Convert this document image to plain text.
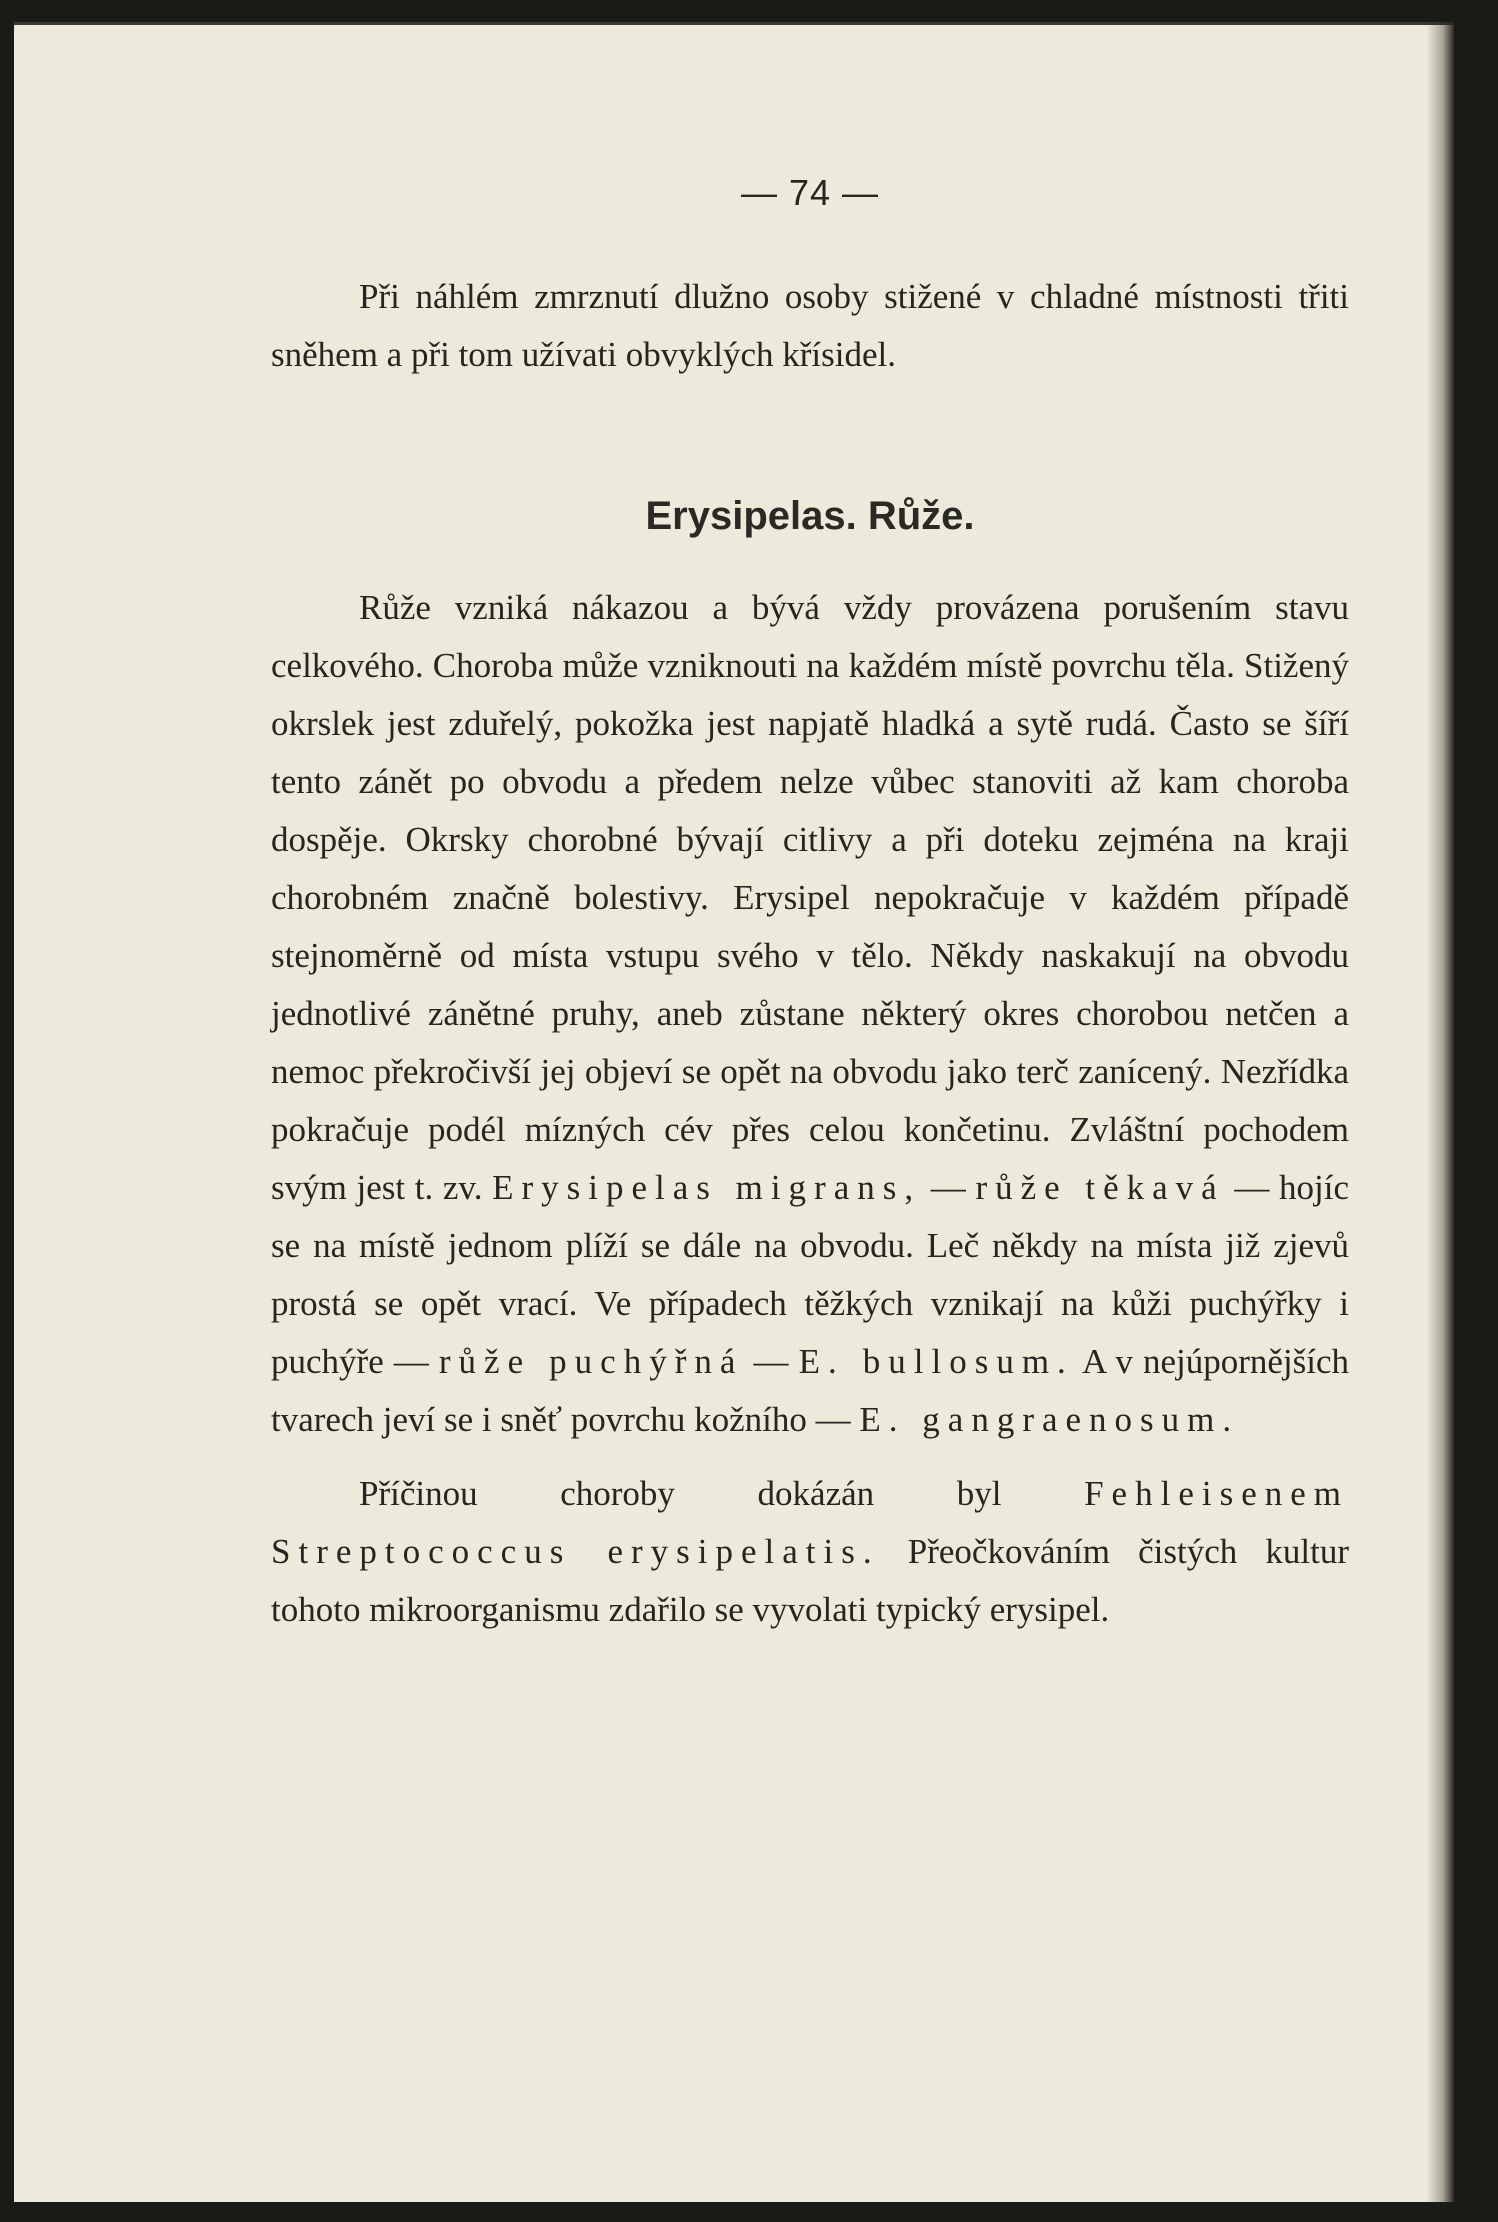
— 74 —

Při náhlém zmrznutí dlužno osoby stižené v chladné místnosti třiti sněhem a při tom užívati obvyklých křísidel.

Erysipelas. Růže.

Růže vzniká nákazou a bývá vždy provázena porušením stavu celkového. Choroba může vzniknouti na každém místě povrchu těla. Stižený okrslek jest zduřelý, pokožka jest napjatě hladká a sytě rudá. Často se šíří tento zánět po obvodu a předem nelze vůbec stanoviti až kam choroba dospěje. Okrsky chorobné bývají citlivy a při doteku zejména na kraji chorobném značně bolestivy. Erysipel nepokračuje v každém případě stejnoměrně od místa vstupu svého v tělo. Někdy naskakují na obvodu jednotlivé zánětné pruhy, aneb zůstane některý okres chorobou netčen a nemoc překročivší jej objeví se opět na obvodu jako terč zanícený. Nezřídka pokračuje podél mízných cév přes celou končetinu. Zvláštní pochodem svým jest t. zv. Erysipelas migrans, — růže těkavá — hojíc se na místě jednom plíží se dále na obvodu. Leč někdy na místa již zjevů prostá se opět vrací. Ve případech těžkých vznikají na kůži puchýřky i puchýře — růže puchýřná — E. bullosum. A v nejúpornějších tvarech jeví se i sněť povrchu kožního — E. gangraenosum.

Příčinou choroby dokázán byl Fehleisenem Streptococcus erysipelatis. Přeočkováním čistých kultur tohoto mikroorganismu zdařilo se vyvolati typický erysipel.
